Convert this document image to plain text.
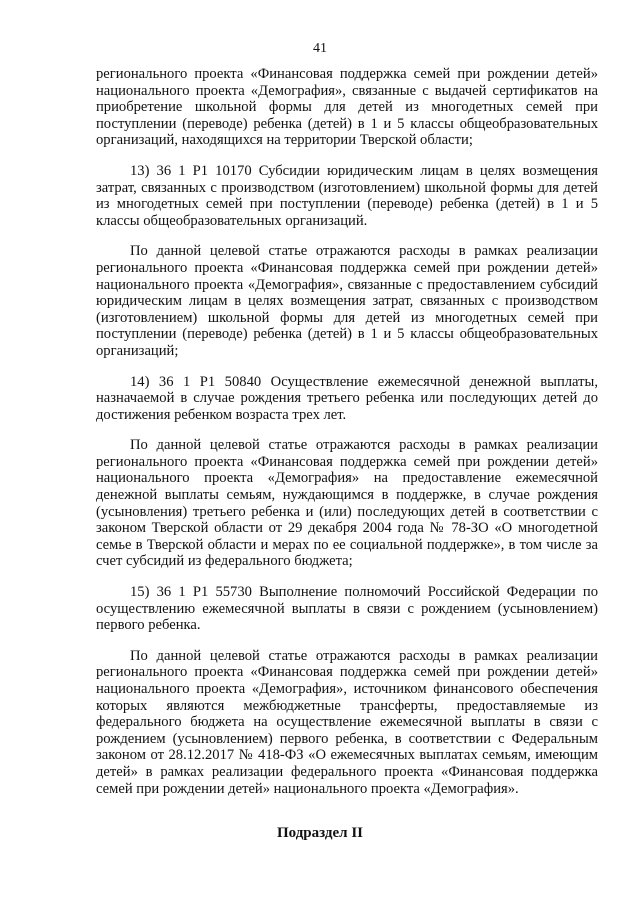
41

регионального проекта «Финансовая поддержка семей при рождении детей» национального проекта «Демография», связанные с выдачей сертификатов на приобретение школьной формы для детей из многодетных семей при поступлении (переводе) ребенка (детей) в 1 и 5 классы общеобразовательных организаций, находящихся на территории Тверской области;

13) 36 1 Р1 10170 Субсидии юридическим лицам в целях возмещения затрат, связанных с производством (изготовлением) школьной формы для детей из многодетных семей при поступлении (переводе) ребенка (детей) в 1 и 5 классы общеобразовательных организаций.

По данной целевой статье отражаются расходы в рамках реализации регионального проекта «Финансовая поддержка семей при рождении детей» национального проекта «Демография», связанные с предоставлением субсидий юридическим лицам в целях возмещения затрат, связанных с производством (изготовлением) школьной формы для детей из многодетных семей при поступлении (переводе) ребенка (детей) в 1 и 5 классы общеобразовательных организаций;

14) 36 1 Р1 50840 Осуществление ежемесячной денежной выплаты, назначаемой в случае рождения третьего ребенка или последующих детей до достижения ребенком возраста трех лет.

По данной целевой статье отражаются расходы в рамках реализации регионального проекта «Финансовая поддержка семей при рождении детей» национального проекта «Демография» на предоставление ежемесячной денежной выплаты семьям, нуждающимся в поддержке, в случае рождения (усыновления) третьего ребенка и (или) последующих детей в соответствии с законом Тверской области от 29 декабря 2004 года № 78-ЗО «О многодетной семье в Тверской области и мерах по ее социальной поддержке», в том числе за счет субсидий из федерального бюджета;

15) 36 1 Р1 55730 Выполнение полномочий Российской Федерации по осуществлению ежемесячной выплаты в связи с рождением (усыновлением) первого ребенка.

По данной целевой статье отражаются расходы в рамках реализации регионального проекта «Финансовая поддержка семей при рождении детей» национального проекта «Демография», источником финансового обеспечения которых являются межбюджетные трансферты, предоставляемые из федерального бюджета на осуществление ежемесячной выплаты в связи с рождением (усыновлением) первого ребенка, в соответствии с Федеральным законом от 28.12.2017 № 418-ФЗ «О ежемесячных выплатах семьям, имеющим детей» в рамках реализации федерального проекта «Финансовая поддержка семей при рождении детей» национального проекта «Демография».

Подраздел II
